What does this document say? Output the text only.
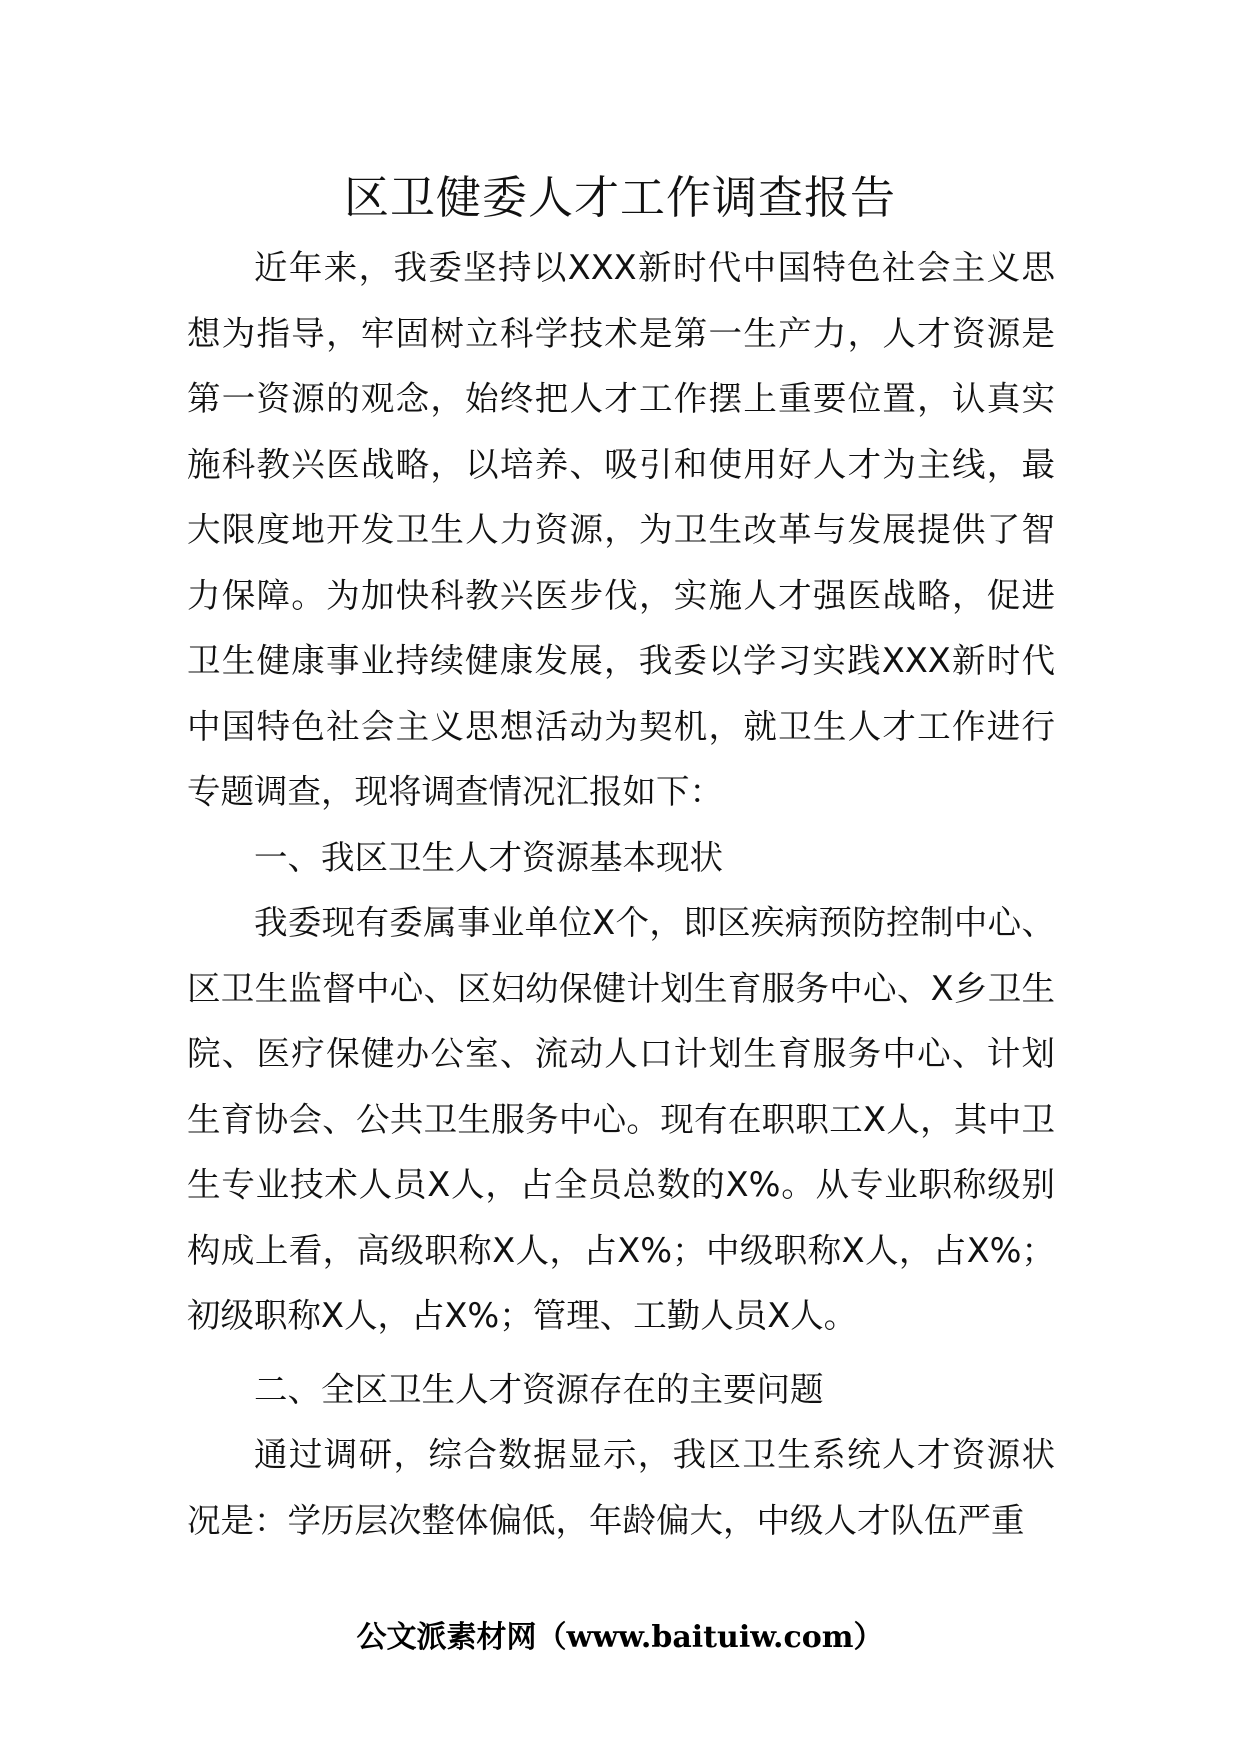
区卫健委人才工作调查报告

近年来，我委坚持以XXX新时代中国特色社会主义思想为指导，牢固树立科学技术是第一生产力，人才资源是第一资源的观念，始终把人才工作摆上重要位置，认真实施科教兴医战略，以培养、吸引和使用好人才为主线，最大限度地开发卫生人力资源，为卫生改革与发展提供了智力保障。为加快科教兴医步伐，实施人才强医战略，促进卫生健康事业持续健康发展，我委以学习实践XXX新时代中国特色社会主义思想活动为契机，就卫生人才工作进行专题调查，现将调查情况汇报如下：

一、我区卫生人才资源基本现状

我委现有委属事业单位X个，即区疾病预防控制中心、区卫生监督中心、区妇幼保健计划生育服务中心、X乡卫生院、医疗保健办公室、流动人口计划生育服务中心、计划生育协会、公共卫生服务中心。现有在职职工X人，其中卫生专业技术人员X人，占全员总数的X%。从专业职称级别构成上看，高级职称X人，占X%；中级职称X人，占X%；初级职称X人，占X%；管理、工勤人员X人。

二、全区卫生人才资源存在的主要问题

通过调研，综合数据显示，我区卫生系统人才资源状况是：学历层次整体偏低，年龄偏大，中级人才队伍严重

公文派素材网（www.baituiw.com）
